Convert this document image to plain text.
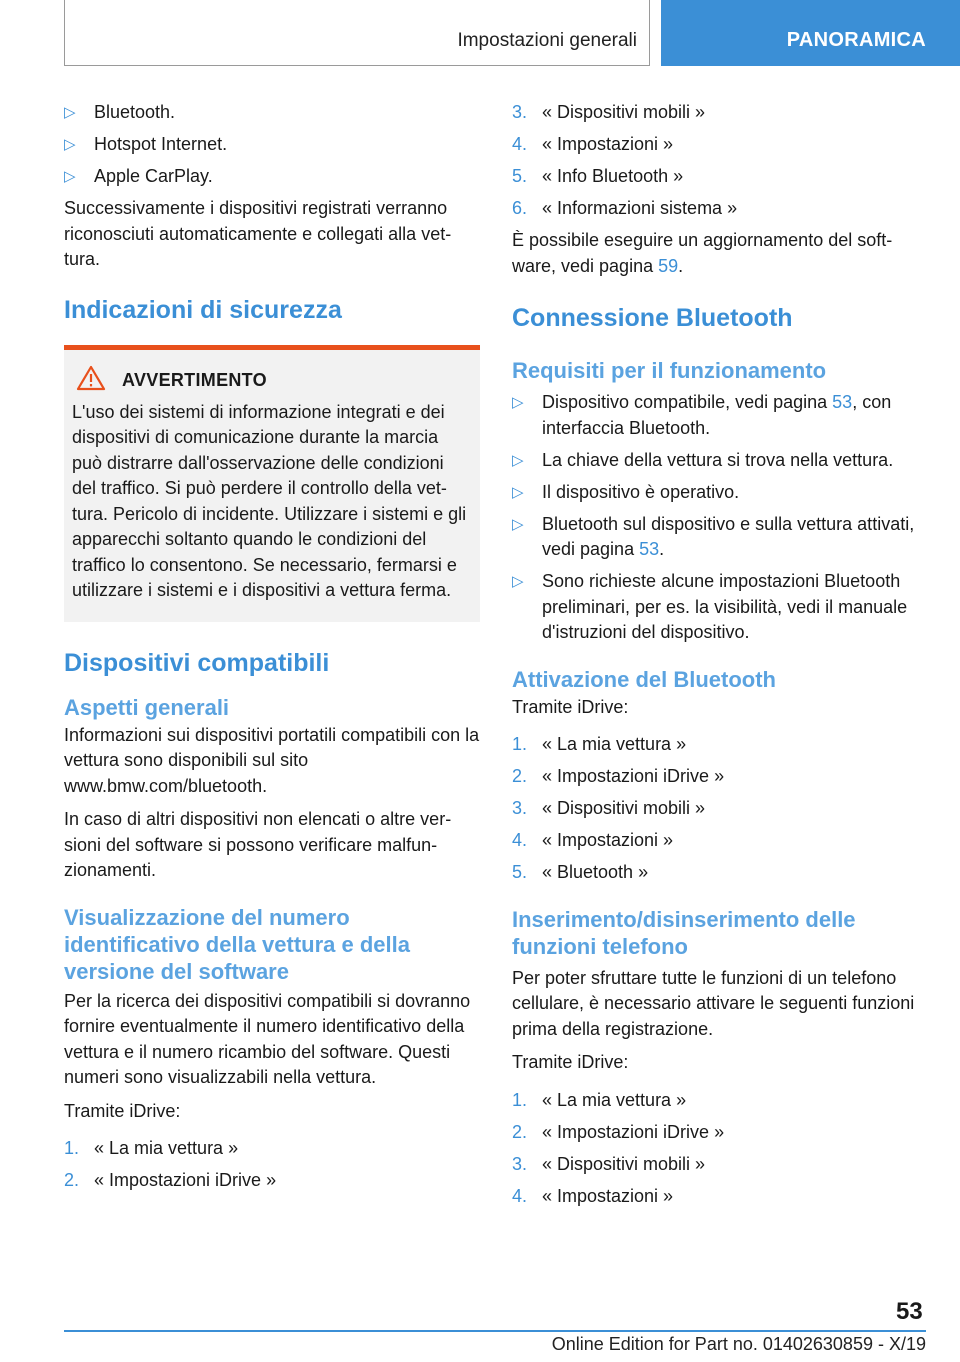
Impostazioni generali	PANORAMICA
▷ Bluetooth.
▷ Hotspot Internet.
▷ Apple CarPlay.

Successivamente i dispositivi registrati verranno riconosciuti automaticamente e collegati alla vettura.

Indicazioni di sicurezza
AVVERTIMENTO

L'uso dei sistemi di informazione integrati e dei dispositivi di comunicazione durante la marcia può distrarre dall'osservazione delle condizioni del traffico. Si può perdere il controllo della vettura. Pericolo di incidente. Utilizzare i sistemi e gli apparecchi soltanto quando le condizioni del traffico lo consentono. Se necessario, fermarsi e utilizzare i sistemi e i dispositivi a vettura ferma.

Dispositivi compatibili
Aspetti generali

Informazioni sui dispositivi portatili compatibili con la vettura sono disponibili sul sito www.bmw.com/bluetooth.

In caso di altri dispositivi non elencati o altre versioni del software si possono verificare malfunzionamenti.

Visualizzazione del numero identificativo della vettura e della versione del software

Per la ricerca dei dispositivi compatibili si dovranno fornire eventualmente il numero identificativo della vettura e il numero ricambio del software. Questi numeri sono visualizzabili nella vettura.

Tramite iDrive:

1. « La mia vettura »
2. « Impostazioni iDrive »
3. « Dispositivi mobili »
4. « Impostazioni »
5. « Info Bluetooth »
6. « Informazioni sistema »

È possibile eseguire un aggiornamento del software, vedi pagina 59.

Connessione Bluetooth
Requisiti per il funzionamento
▷ Dispositivo compatibile, vedi pagina 53, con interfaccia Bluetooth.
▷ La chiave della vettura si trova nella vettura.
▷ Il dispositivo è operativo.
▷ Bluetooth sul dispositivo e sulla vettura attivati, vedi pagina 53.
▷ Sono richieste alcune impostazioni Bluetooth preliminari, per es. la visibilità, vedi il manuale d'istruzioni del dispositivo.
Attivazione del Bluetooth

Tramite iDrive:

1. « La mia vettura »
2. « Impostazioni iDrive »
3. « Dispositivi mobili »
4. « Impostazioni »
5. « Bluetooth »
Inserimento/disinserimento delle funzioni telefono

Per poter sfruttare tutte le funzioni di un telefono cellulare, è necessario attivare le seguenti funzioni prima della registrazione.

Tramite iDrive:

1. « La mia vettura »
2. « Impostazioni iDrive »
3. « Dispositivi mobili »
4. « Impostazioni »
53
Online Edition for Part no. 01402630859 - X/19
